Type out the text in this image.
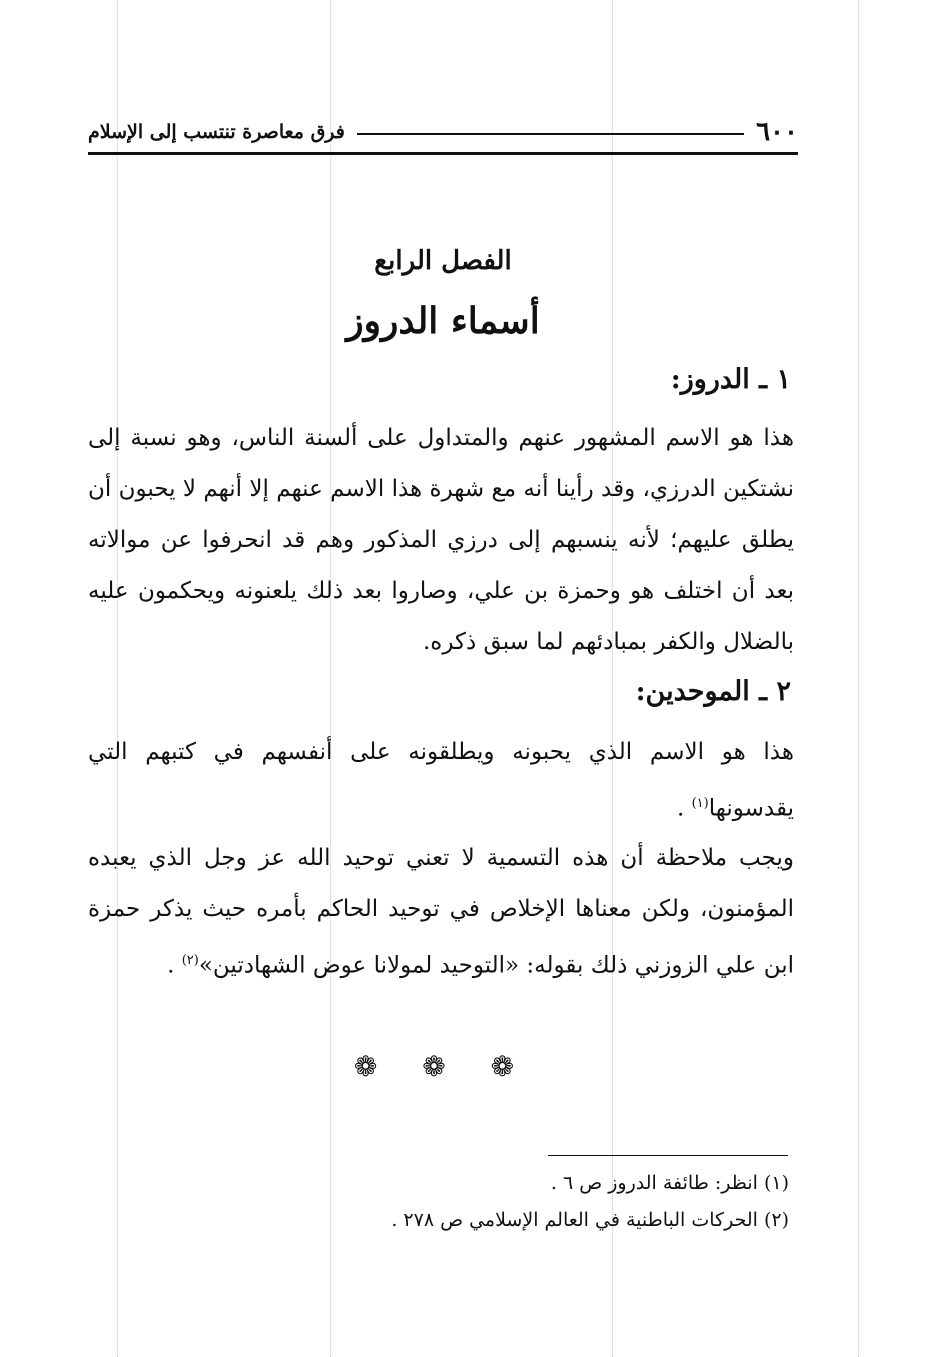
٦٠٠
فرق معاصرة تنتسب إلى الإسلام
الفصل الرابع
أسماء الدروز
١ ـ الدروز:
هذا هو الاسم المشهور عنهم والمتداول على ألسنة الناس، وهو نسبة إلى نشتكين الدرزي، وقد رأينا أنه مع شهرة هذا الاسم عنهم إلا أنهم لا يحبون أن يطلق عليهم؛ لأنه ينسبهم إلى درزي المذكور وهم قد انحرفوا عن موالاته بعد أن اختلف هو وحمزة بن علي، وصاروا بعد ذلك يلعنونه ويحكمون عليه بالضلال والكفر بمبادئهم لما سبق ذكره.
٢ ـ الموحدين:
هذا هو الاسم الذي يحبونه ويطلقونه على أنفسهم في كتبهم التي يقدسونها$^{(١)}$ .
ويجب ملاحظة أن هذه التسمية لا تعني توحيد الله عز وجل الذي يعبده المؤمنون، ولكن معناها الإخلاص في توحيد الحاكم بأمره حيث يذكر حمزة ابن علي الزوزني ذلك بقوله: «التوحيد لمولانا عوض الشهادتين»$^{(٢)}$ .
❁ ❁ ❁
(١) انظر: طائفة الدروز ص ٦ .
(٢) الحركات الباطنية في العالم الإسلامي ص ٢٧٨ .
